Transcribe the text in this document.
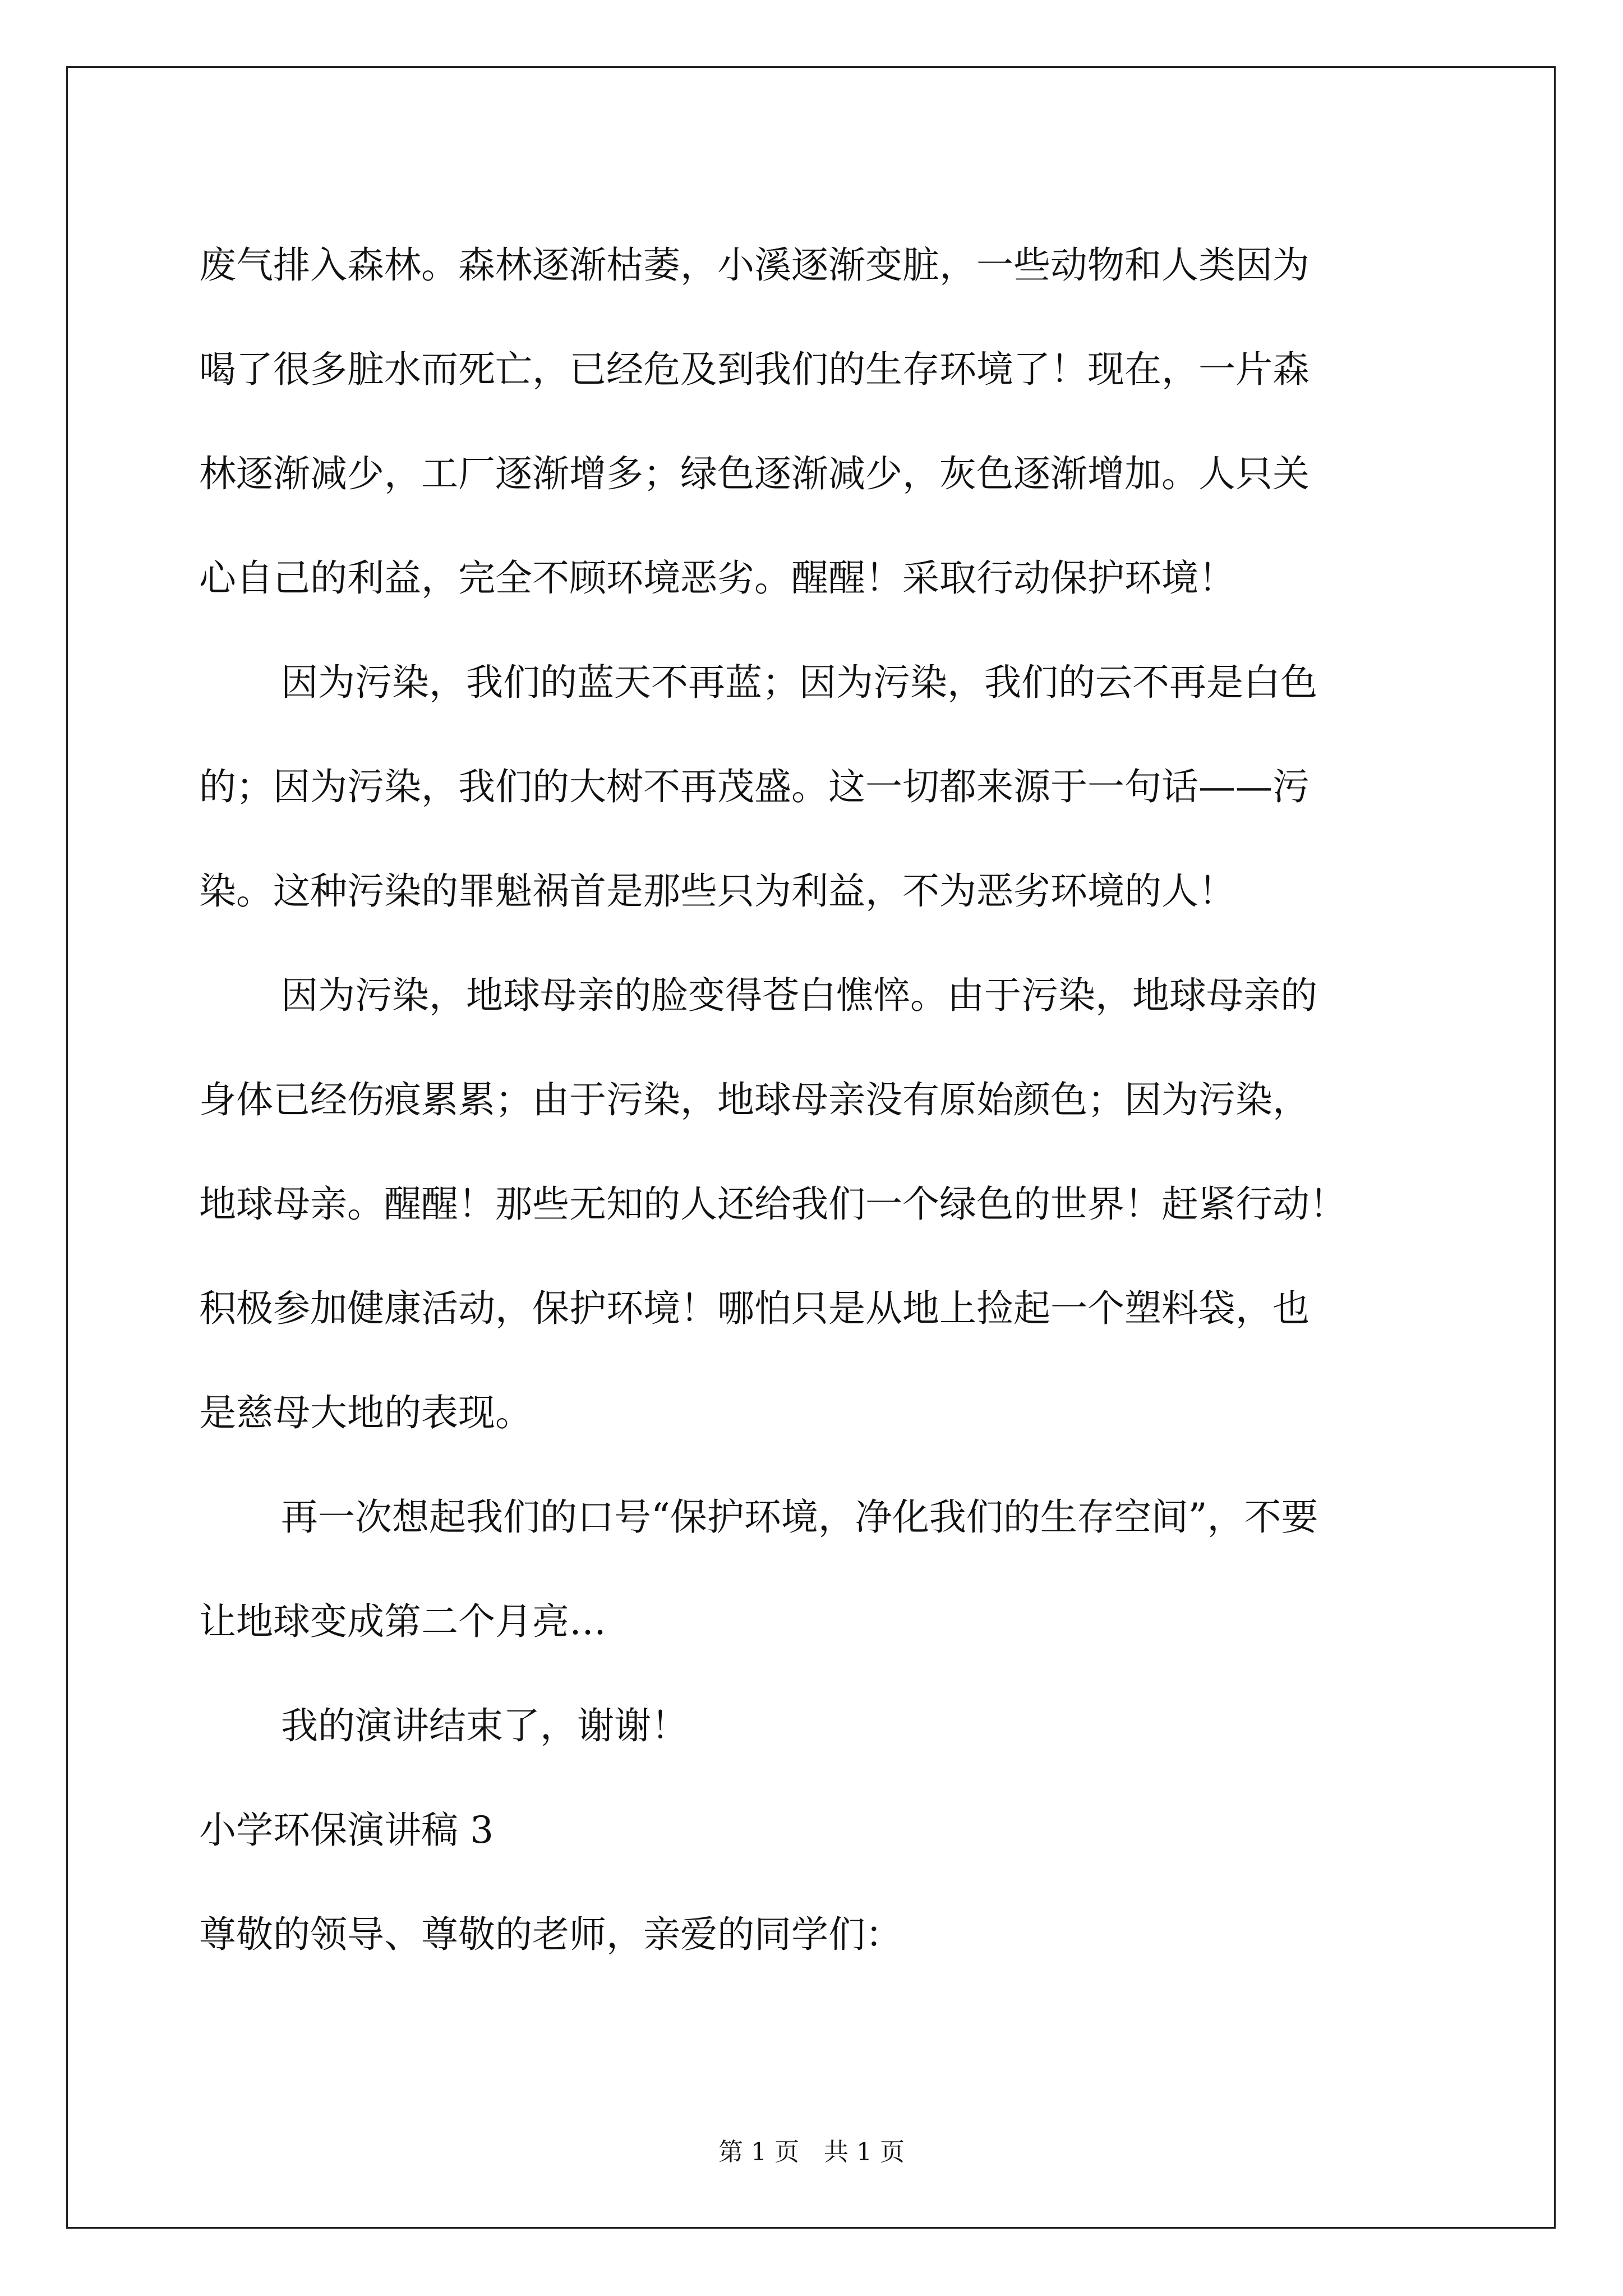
废气排入森林。森林逐渐枯萎，小溪逐渐变脏，一些动物和人类因为
喝了很多脏水而死亡，已经危及到我们的生存环境了！现在，一片森
林逐渐减少，工厂逐渐增多；绿色逐渐减少，灰色逐渐增加。人只关
心自己的利益，完全不顾环境恶劣。醒醒！采取行动保护环境！
因为污染，我们的蓝天不再蓝；因为污染，我们的云不再是白色
的；因为污染，我们的大树不再茂盛。这一切都来源于一句话——污
染。这种污染的罪魁祸首是那些只为利益，不为恶劣环境的人！
因为污染，地球母亲的脸变得苍白憔悴。由于污染，地球母亲的
身体已经伤痕累累；由于污染，地球母亲没有原始颜色；因为污染，
地球母亲。醒醒！那些无知的人还给我们一个绿色的世界！赶紧行动！
积极参加健康活动，保护环境！哪怕只是从地上捡起一个塑料袋，也
是慈母大地的表现。
再一次想起我们的口号“保护环境，净化我们的生存空间”，不要
让地球变成第二个月亮…
我的演讲结束了，谢谢！
小学环保演讲稿 3
尊敬的领导、尊敬的老师，亲爱的同学们：
第 1 页　共 1 页
